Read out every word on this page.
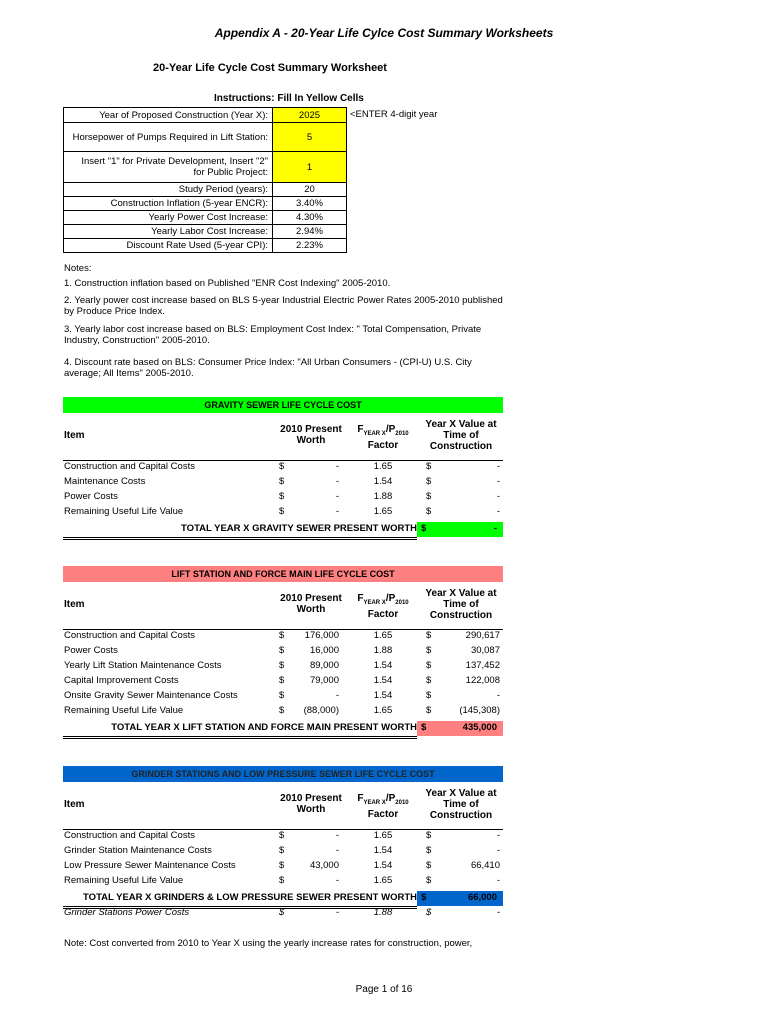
Appendix A - 20-Year Life Cylce Cost Summary Worksheets
20-Year Life Cycle Cost Summary Worksheet
Instructions: Fill In Yellow Cells
Year of Proposed Construction (Year X):	2025
Horsepower of Pumps Required in Lift Station:	5
Insert "1" for Private Development, Insert "2" for Public Project:	1
Study Period (years):	20
Construction Inflation (5-year ENCR):	3.40%
Yearly Power Cost Increase:	4.30%
Yearly Labor Cost Increase:	2.94%
Discount Rate Used (5-year CPI):	2.23%
<ENTER 4-digit year
Notes:
1. Construction inflation based on Published "ENR Cost Indexing" 2005-2010.
2. Yearly power cost increase based on BLS 5-year Industrial Electric Power Rates 2005-2010 published by Produce Price Index.
3. Yearly labor cost increase based on BLS: Employment Cost Index: " Total Compensation, Private Industry, Construction" 2005-2010.
4. Discount rate based on BLS: Consumer Price Index: "All Urban Consumers - (CPI-U) U.S. City average; All Items" 2005-2010.
GRAVITY SEWER LIFE CYCLE COST
Item
2010 Present
Worth
$F_{YEAR X}/P_{2010}$
Factor
Year X Value at
Time of
Construction
Construction and Capital Costs	$	-	1.65	$	-
Maintenance Costs	$	-	1.54	$	-
Power Costs	$	-	1.88	$	-
Remaining Useful Life Value	$	-	1.65	$	-
TOTAL YEAR X GRAVITY SEWER PRESENT WORTH $	-
LIFT STATION AND FORCE MAIN LIFE CYCLE COST
Item
2010 Present
Worth
$F_{YEAR X}/P_{2010}$
Factor
Year X Value at
Time of
Construction
Construction and Capital Costs	$ 176,000	1.65	$	290,617
Power Costs	$	16,000	1.88	$	30,087
Yearly Lift Station Maintenance Costs	$	89,000	1.54	$	137,452
Capital Improvement Costs	$	79,000	1.54	$	122,008
Onsite Gravity Sewer Maintenance Costs	$	-	1.54	$	-
Remaining Useful Life Value	$ (88,000)	1.65	$	(145,308)
TOTAL YEAR X LIFT STATION AND FORCE MAIN PRESENT WORTH $	435,000
GRINDER STATIONS AND LOW PRESSURE SEWER LIFE CYCLE COST
Item
2010 Present
Worth
$F_{YEAR X}/P_{2010}$
Factor
Year X Value at
Time of
Construction
Construction and Capital Costs	$	-	1.65	$	-
Grinder Station Maintenance Costs	$	-	1.54	$	-
Low Pressure Sewer Maintenance Costs	$	43,000	1.54	$	66,410
Remaining Useful Life Value	$	-	1.65	$	-
TOTAL YEAR X GRINDERS & LOW PRESSURE SEWER PRESENT WORTH $	66,000
Grinder Stations Power Costs	$	-	1.88	$	-
Note: Cost converted from 2010 to Year X using the yearly increase rates for construction, power,
Page 1 of 16
